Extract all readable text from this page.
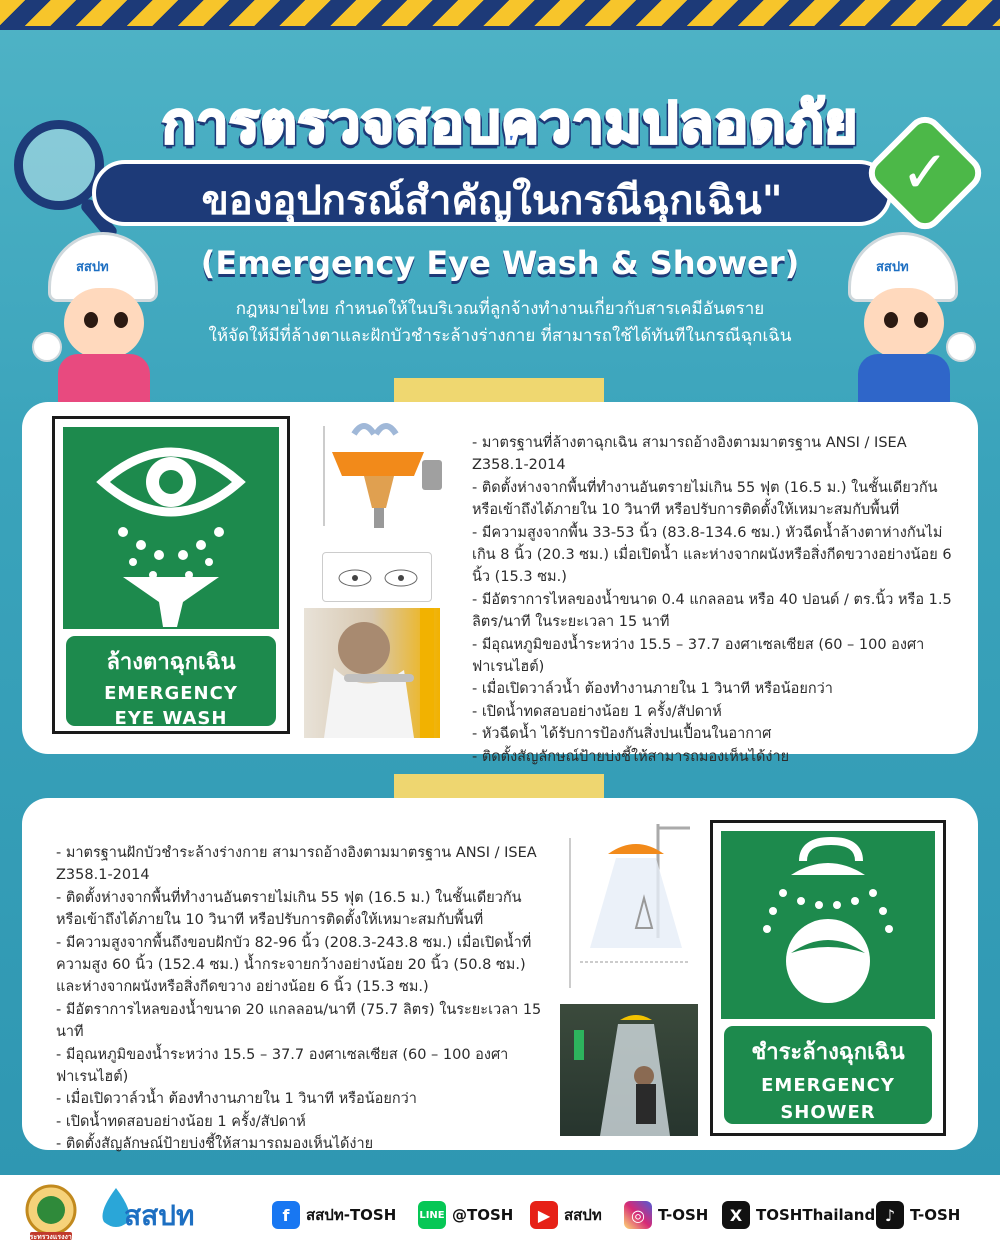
การตรวจสอบความปลอดภัย
ของอุปกรณ์สำคัญในกรณีฉุกเฉิน"	✓
(Emergency Eye Wash & Shower)
กฎหมายไทย กำหนดให้ในบริเวณที่ลูกจ้างทำงานเกี่ยวกับสารเคมีอันตราย
ให้จัดให้มีที่ล้างตาและฝักบัวชำระล้างร่างกาย ที่สามารถใช้ได้ทันทีในกรณีฉุกเฉิน
สสปท	สสปท
ล้างตาฉุกเฉิน
EMERGENCY
EYE WASH
- มาตรฐานที่ล้างตาฉุกเฉิน สามารถอ้างอิงตามมาตรฐาน ANSI / ISEA Z358.1-2014
- ติดตั้งห่างจากพื้นที่ทำงานอันตรายไม่เกิน 55 ฟุต (16.5 ม.) ในชั้นเดียวกัน หรือเข้าถึงได้ภายใน 10 วินาที หรือปรับการติดตั้งให้เหมาะสมกับพื้นที่
- มีความสูงจากพื้น 33-53 นิ้ว (83.8-134.6 ซม.) หัวฉีดน้ำล้างตาห่างกันไม่เกิน 8 นิ้ว (20.3 ซม.) เมื่อเปิดน้ำ และห่างจากผนังหรือสิ่งกีดขวางอย่างน้อย 6 นิ้ว (15.3 ซม.)
- มีอัตราการไหลของน้ำขนาด 0.4 แกลลอน หรือ 40 ปอนด์ / ตร.นิ้ว หรือ 1.5 ลิตร/นาที ในระยะเวลา 15 นาที
- มีอุณหภูมิของน้ำระหว่าง 15.5 – 37.7 องศาเซลเซียส (60 – 100 องศาฟาเรนไฮต์)
- เมื่อเปิดวาล์วน้ำ ต้องทำงานภายใน 1 วินาที หรือน้อยกว่า
- เปิดน้ำทดสอบอย่างน้อย 1 ครั้ง/สัปดาห์
- หัวฉีดน้ำ ได้รับการป้องกันสิ่งปนเปื้อนในอากาศ
- ติดตั้งสัญลักษณ์ป้ายบ่งชี้ให้สามารถมองเห็นได้ง่าย
- มาตรฐานฝักบัวชำระล้างร่างกาย สามารถอ้างอิงตามมาตรฐาน ANSI / ISEA Z358.1-2014
- ติดตั้งห่างจากพื้นที่ทำงานอันตรายไม่เกิน 55 ฟุต (16.5 ม.) ในชั้นเดียวกัน หรือเข้าถึงได้ภายใน 10 วินาที หรือปรับการติดตั้งให้เหมาะสมกับพื้นที่
- มีความสูงจากพื้นถึงขอบฝักบัว 82-96 นิ้ว (208.3-243.8 ซม.) เมื่อเปิดน้ำที่ความสูง 60 นิ้ว (152.4 ซม.) น้ำกระจายกว้างอย่างน้อย 20 นิ้ว (50.8 ซม.) และห่างจากผนังหรือสิ่งกีดขวาง อย่างน้อย 6 นิ้ว (15.3 ซม.)
- มีอัตราการไหลของน้ำขนาด 20 แกลลอน/นาที (75.7 ลิตร) ในระยะเวลา 15 นาที
- มีอุณหภูมิของน้ำระหว่าง 15.5 – 37.7 องศาเซลเซียส (60 – 100 องศาฟาเรนไฮต์)
- เมื่อเปิดวาล์วน้ำ ต้องทำงานภายใน 1 วินาที หรือน้อยกว่า
- เปิดน้ำทดสอบอย่างน้อย 1 ครั้ง/สัปดาห์
- ติดตั้งสัญลักษณ์ป้ายบ่งชี้ให้สามารถมองเห็นได้ง่าย
ชำระล้างฉุกเฉิน
EMERGENCY
SHOWER
กระทรวงแรงงาน
สสปท	f	สสปท-TOSH LINE @TOSH	▶ สสปท	◎ T-OSH	X TOSHThailand ♪ T-OSH
